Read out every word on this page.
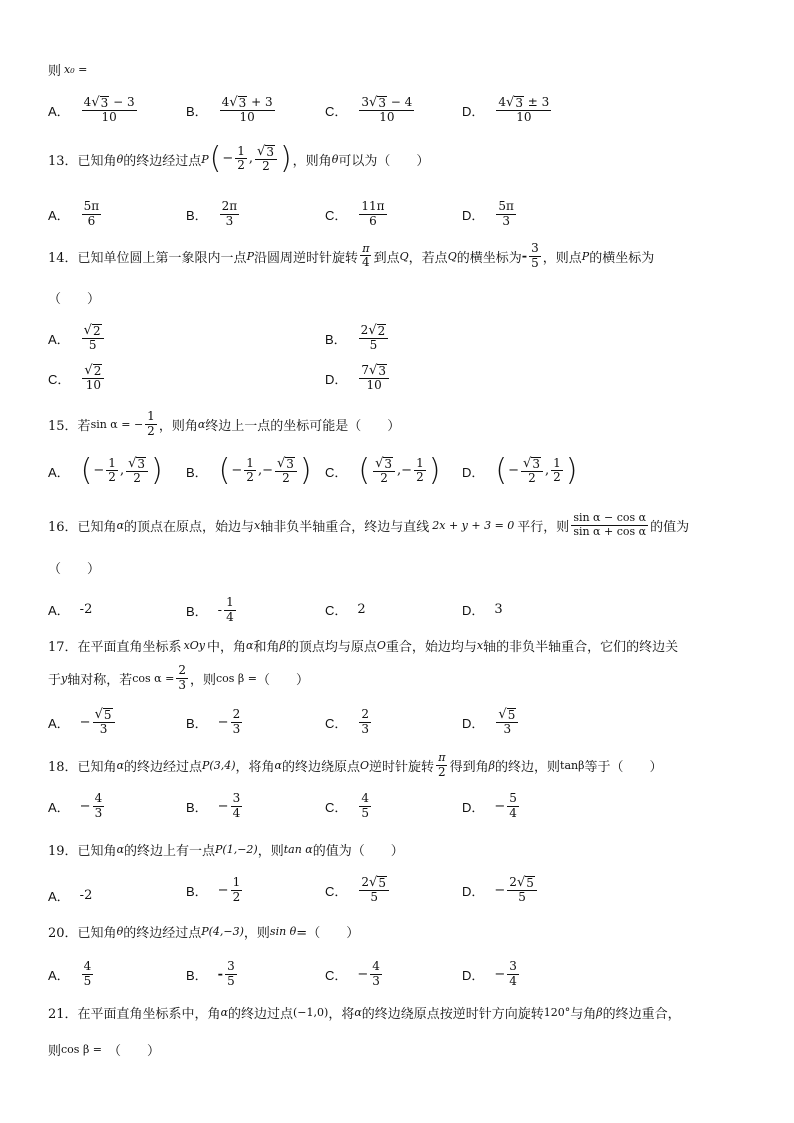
则 x₀ =
A． $\frac{4 √ 3 - 3}{10}$	B． $\frac{4 √ 3 + 3}{10}$	C． $\frac{3 √ 3 - 4}{10}$	D． $\frac{4 √ 3 \pm 3}{10}$
13． 已知角 θ 的终边经过点 P ( − $\frac{1}{2}$ , $\frac{√ 3}{2}$ ) ，则角 θ 可以为（　　）
A． $\frac{5\pi}{6}$	B． $\frac{2\pi}{3}$	C． $\frac{11\pi}{6}$	D． $\frac{5\pi}{3}$
14． 已知单位圆上第一象限内一点 P 沿圆周逆时针旋转 $\frac{\pi}{4}$ 到点 Q ，若点 Q 的横坐标为 - $\frac{3}{5}$ ，则点 P 的横坐标为
（　　）
A． $\frac{√ 2}{5}$	B． $\frac{2 √ 2}{5}$
C． $\frac{√ 2}{10}$	D． $\frac{7 √ 3}{10}$
15． 若 sin α = − $\frac{1}{2}$ ，则角 α 终边上一点的坐标可能是（　　）
A． ( − $\frac{1}{2}$ , $\frac{√ 3}{2}$ ) B． ( − $\frac{1}{2}$ ,− $\frac{√ 3}{2}$ ) C． ( $\frac{√ 3}{2}$ ,− $\frac{1}{2}$ ) D． ( − $\frac{√ 3}{2}$ , $\frac{1}{2}$ )
16． 已知角 α 的顶点在原点，始边与 x 轴非负半轴重合，终边与直线 2x + y + 3 = 0 平行，则 $\frac{\text{sin α − cos α}}{\text{sin α + cos α}}$ 的值为
（　　）
A． -2	B． - $\frac{1}{4}$	C． 2	D． 3
17． 在平面直角坐标系 xOy 中，角 α 和角 β 的顶点均与原点 O 重合，始边均与 x 轴的非负半轴重合，它们的终边关
于 y 轴对称，若 $\cos \alpha = \frac{2}{3}$ ，则 cos β = （　　）
A． − $\frac{√ 5}{3}$	B． − $\frac{2}{3}$	C． $\frac{2}{3}$	D． $\frac{√ 5}{3}$
18． 已知角 α 的终边经过点 P(3,4) ，将角 α 的终边绕原点 O 逆时针旋转 $\frac{\pi}{2}$ 得到角 β 的终边，则 tanβ 等于（　　）
A． − $\frac{4}{3}$	B． − $\frac{3}{4}$	C． $\frac{4}{5}$	D． − $\frac{5}{4}$
19． 已知角 α 的终边上有一点 P(1,−2) ，则 tan α 的值为（　　）
A． -2	B． − $\frac{1}{2}$	C． $\frac{2 √ 5}{5}$	D． − $\frac{2 √ 5}{5}$
20． 已知角 θ 的终边经过点 P(4,−3) ，则 sin θ =（　　）
A． $\frac{4}{5}$	B． - $\frac{3}{5}$	C． − $\frac{4}{3}$	D． − $\frac{3}{4}$
21． 在平面直角坐标系中，角 α 的终边过点 (−1,0) ，将 α 的终边绕原点按逆时针方向旋转 120° 与角 β 的终边重合，
则 cos β = （　　）
